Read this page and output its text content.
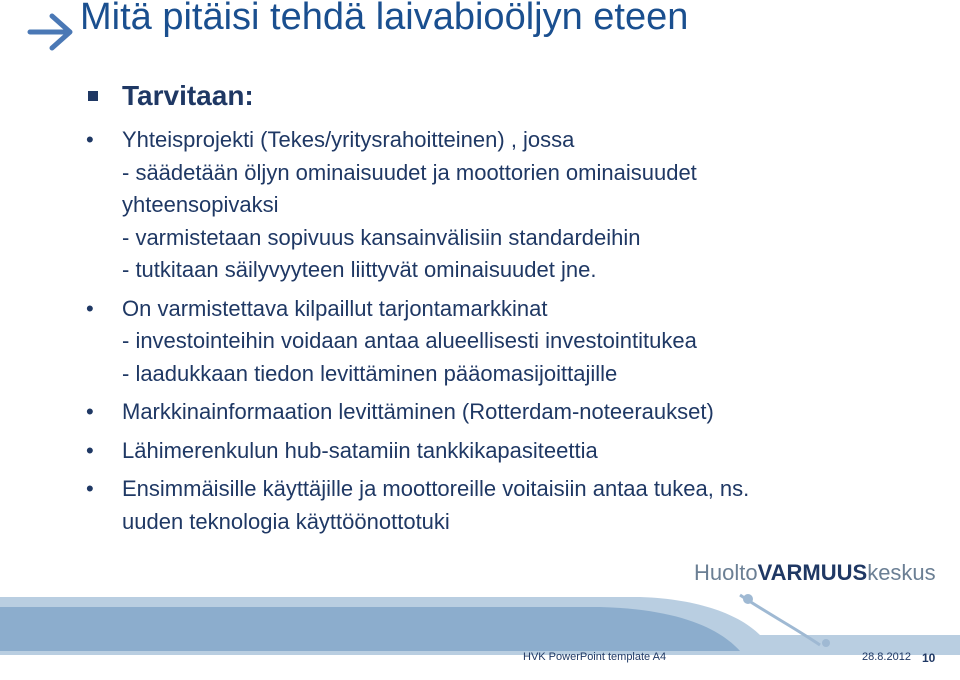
Mitä pitäisi tehdä laivabioöljyn eteen
Tarvitaan:
• Yhteisprojekti (Tekes/yritysrahoitteinen) , jossa
- säädetään öljyn ominaisuudet ja moottorien ominaisuudet
yhteensopivaksi
- varmistetaan sopivuus kansainvälisiin standardeihin
- tutkitaan säilyvyyteen liittyvät ominaisuudet jne.
• On varmistettava kilpaillut tarjontamarkkinat
- investointeihin voidaan antaa alueellisesti investointitukea
- laadukkaan tiedon levittäminen pääomasijoittajille
• Markkinainformaation levittäminen (Rotterdam-noteeraukset)
• Lähimerenkulun hub-satamiin tankkikapasiteettia
• Ensimmäisille käyttäjille ja moottoreille voitaisiin antaa tukea, ns.
uuden teknologia käyttöönottotuki
HuoltoVARMUUSkeskus
HVK PowerPoint template A4	28.8.2012 10
